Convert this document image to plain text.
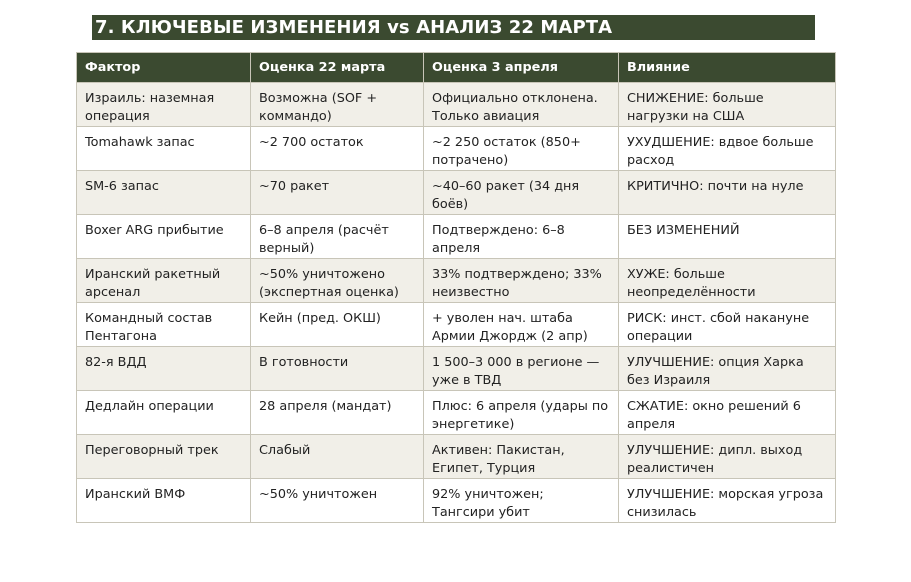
7. КЛЮЧЕВЫЕ ИЗМЕНЕНИЯ vs АНАЛИЗ 22 МАРТА
Фактор	Оценка 22 марта	Оценка 3 апреля	Влияние
Израиль: наземная операция	Возможна (SOF + коммандо)	Официально отклонена. Только авиация	СНИЖЕНИЕ: больше нагрузки на США
Tomahawk запас	~2 700 остаток	~2 250 остаток (850+ потрачено)	УХУДШЕНИЕ: вдвое больше расход
SM-6 запас	~70 ракет	~40–60 ракет (34 дня боёв)	КРИТИЧНО: почти на нуле
Boxer ARG прибытие	6–8 апреля (расчёт верный)	Подтверждено: 6–8 апреля	БЕЗ ИЗМЕНЕНИЙ
Иранский ракетный арсенал	~50% уничтожено (экспертная оценка)	33% подтверждено; 33% неизвестно	ХУЖЕ: больше неопределённости
Командный состав Пентагона	Кейн (пред. ОКШ)	+ уволен нач. штаба Армии Джордж (2 апр)	РИСК: инст. сбой накануне операции
82-я ВДД	В готовности	1 500–3 000 в регионе — уже в ТВД	УЛУЧШЕНИЕ: опция Харка без Израиля
Дедлайн операции	28 апреля (мандат)	Плюс: 6 апреля (удары по энергетике)	СЖАТИЕ: окно решений 6 апреля
Переговорный трек	Слабый	Активен: Пакистан, Египет, Турция	УЛУЧШЕНИЕ: дипл. выход реалистичен
Иранский ВМФ	~50% уничтожен	92% уничтожен; Тангсири убит	УЛУЧШЕНИЕ: морская угроза снизилась
